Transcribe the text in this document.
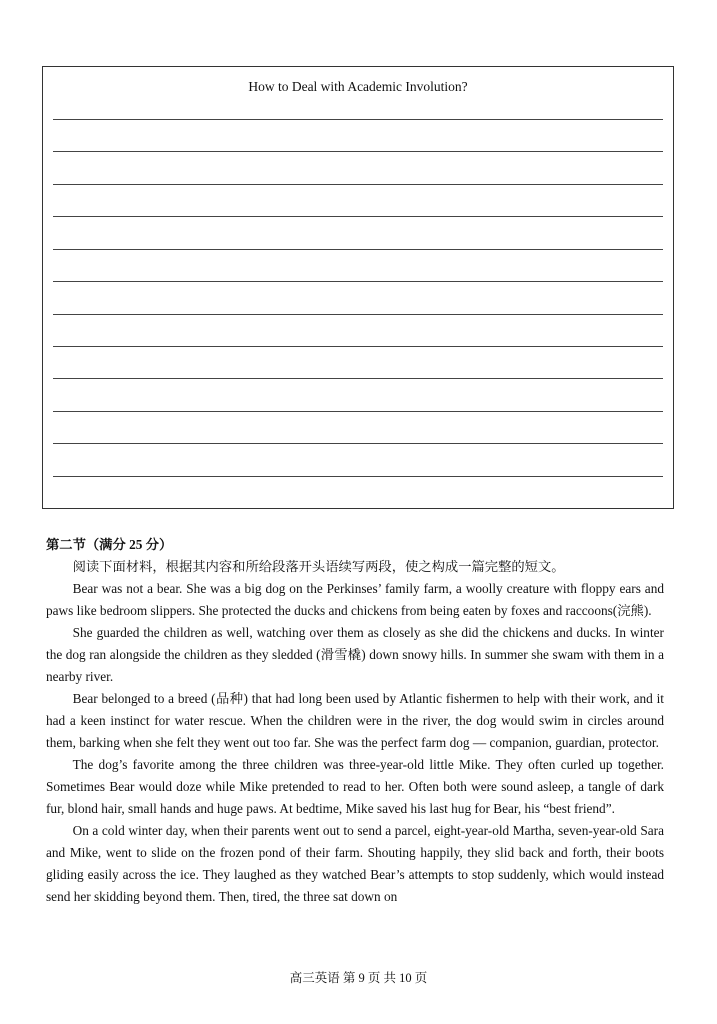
How to Deal with Academic Involution?

第二节（满分 25 分）

阅读下面材料，根据其内容和所给段落开头语续写两段，使之构成一篇完整的短文。

Bear was not a bear. She was a big dog on the Perkinses’ family farm, a woolly creature with floppy ears and paws like bedroom slippers. She protected the ducks and chickens from being eaten by foxes and raccoons(浣熊).

She guarded the children as well, watching over them as closely as she did the chickens and ducks. In winter the dog ran alongside the children as they sledded (滑雪橇) down snowy hills. In summer she swam with them in a nearby river.

Bear belonged to a breed (品种) that had long been used by Atlantic fishermen to help with their work, and it had a keen instinct for water rescue. When the children were in the river, the dog would swim in circles around them, barking when she felt they went out too far. She was the perfect farm dog — companion, guardian, protector.

The dog’s favorite among the three children was three-year-old little Mike. They often curled up together. Sometimes Bear would doze while Mike pretended to read to her. Often both were sound asleep, a tangle of dark fur, blond hair, small hands and huge paws. At bedtime, Mike saved his last hug for Bear, his “best friend”.

On a cold winter day, when their parents went out to send a parcel, eight-year-old Martha, seven-year-old Sara and Mike, went to slide on the frozen pond of their farm. Shouting happily, they slid back and forth, their boots gliding easily across the ice. They laughed as they watched Bear’s attempts to stop suddenly, which would instead send her skidding beyond them. Then, tired, the three sat down on

高三英语 第 9 页 共 10 页
